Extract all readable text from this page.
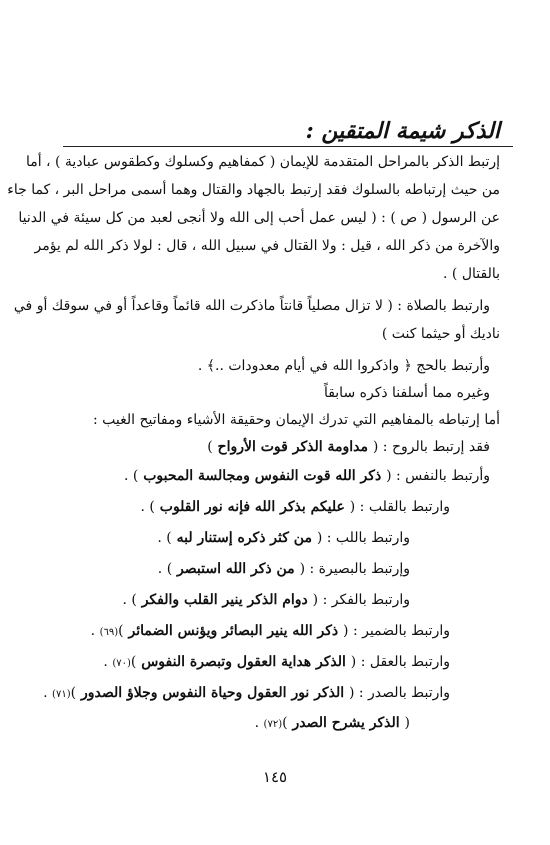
الذكر شيمة المتقين :

إرتبط الذكر بالمراحل المتقدمة للإيمان ( كمفاهيم وكسلوك وكطقوس عبادية ) ، أما

من حيث إرتباطه بالسلوك فقد إرتبط بالجهاد والقتال وهما أسمى مراحل البر ، كما جاء

عن الرسول ( ص ) : ( ليس عمل أحب إلى الله ولا أنجى لعبد من كل سيئة في الدنيا

والآخرة من ذكر الله ، قيل : ولا القتال في سبيل الله ، قال : لولا ذكر الله لم يؤمر

بالقتال ) .

وارتبط بالصلاة : ( لا تزال مصلياً قانتاً ماذكرت الله قائماً وقاعداً أو في سوقك أو في

ناديك أو حيثما كنت )

وأرتبط بالحج ﴿ واذكروا الله في أيام معدودات ..﴾ .

وغيره مما أسلفنا ذكره سابقاً

أما إرتباطه بالمفاهيم التي تدرك الإيمان وحقيقة الأشياء ومفاتيح الغيب :

فقد إرتبط بالروح : ( مداومة الذكر قوت الأرواح )

وأرتبط بالنفس : ( ذكر الله قوت النفوس ومجالسة المحبوب ) .

وارتبط بالقلب : ( عليكم بذكر الله فإنه نور القلوب ) .

وارتبط باللب : ( من كثر ذكره إستنار لبه ) .

وإرتبط بالبصيرة : ( من ذكر الله استبصر ) .

وارتبط بالفكر : ( دوام الذكر ينير القلب والفكر ) .

وارتبط بالضمير : ( ذكر الله ينير البصائر ويؤنس الضمائر )(٦٩) .

وارتبط بالعقل : ( الذكر هداية العقول وتبصرة النفوس )(٧٠) .

وارتبط بالصدر : ( الذكر نور العقول وحياة النفوس وجلاؤ الصدور )(٧١) .

( الذكر يشرح الصدر )(٧٢) .

١٤٥
